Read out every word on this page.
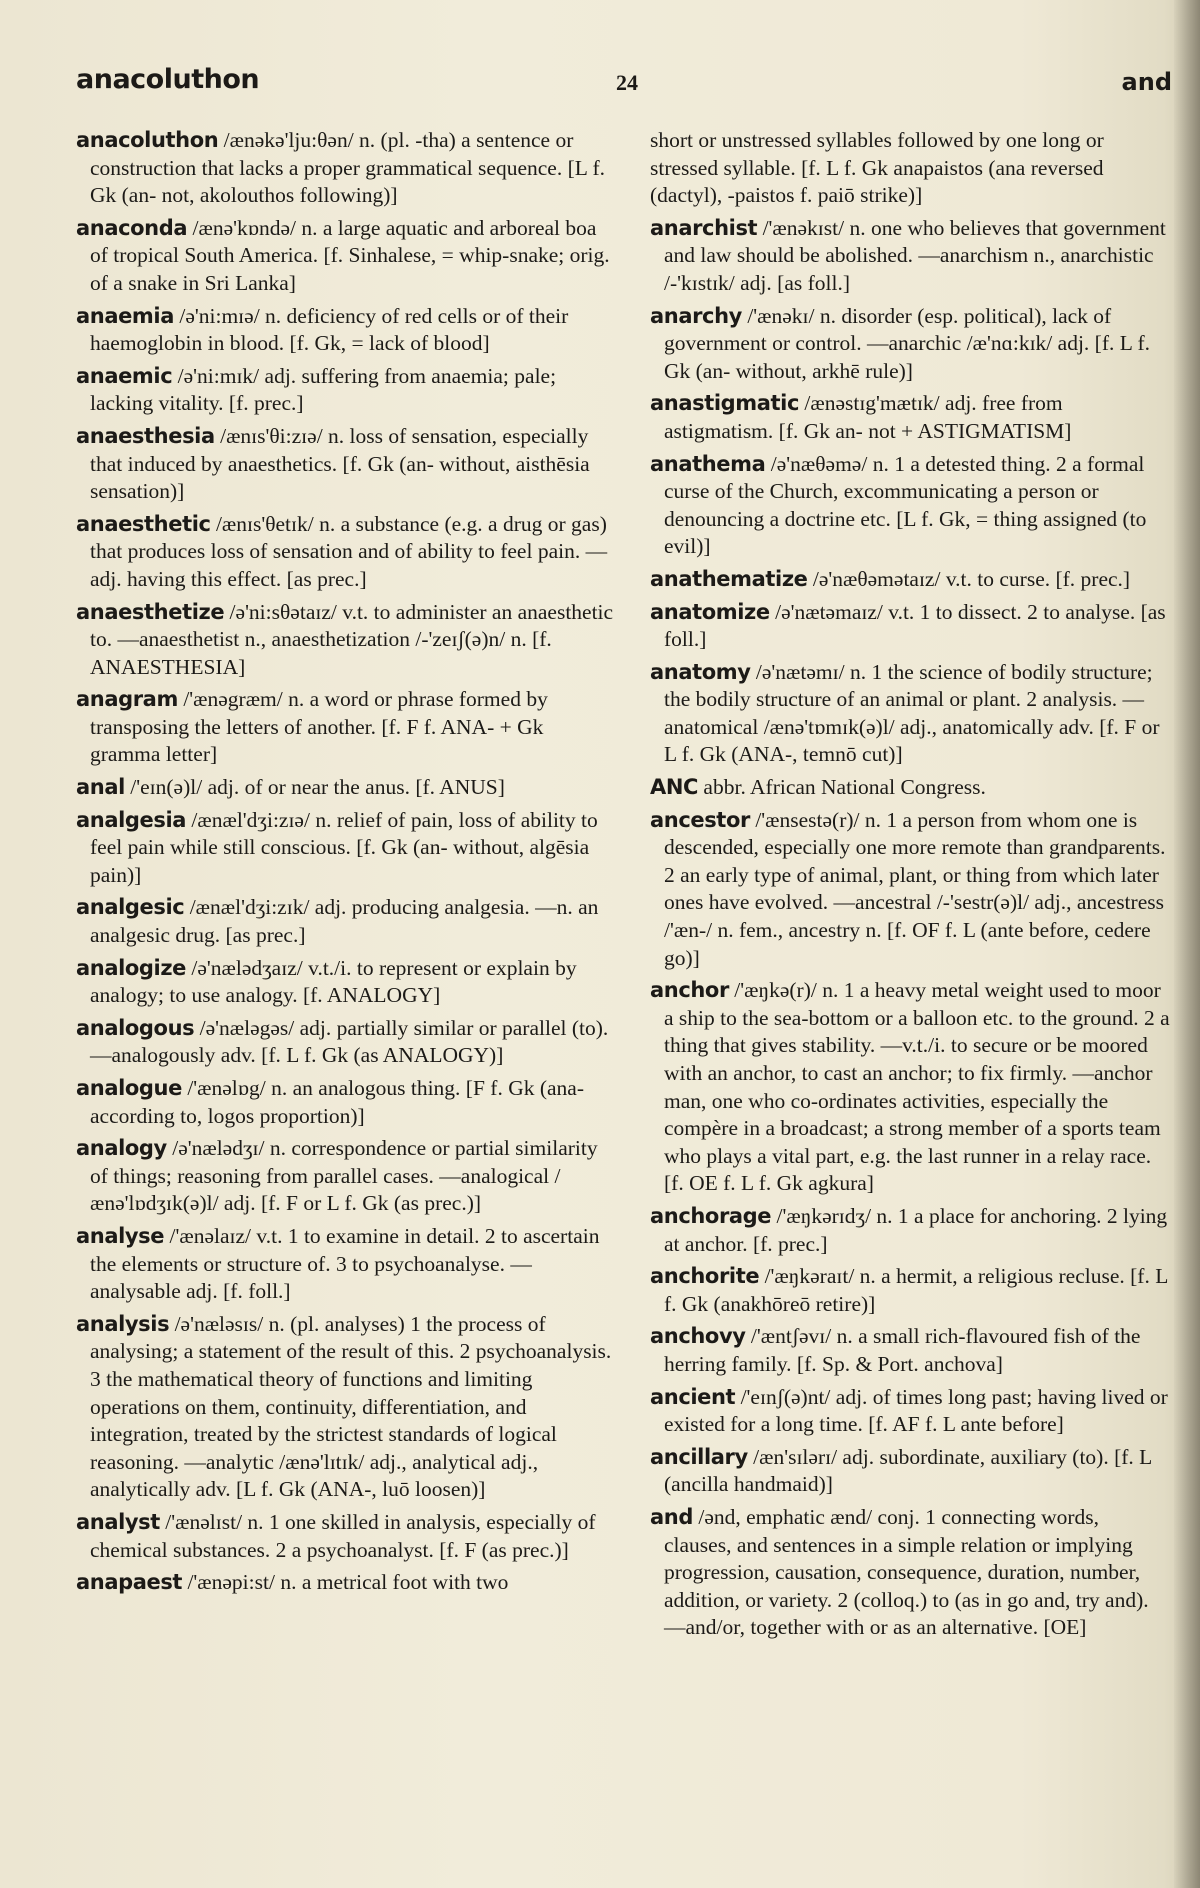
anacoluthon	24	and
anacoluthon /ænəkə'lju:θən/ n. (pl. -tha) a sentence or construction that lacks a proper grammatical sequence. [L f. Gk (an- not, akolouthos following)]
anaconda /ænə'kɒndə/ n. a large aquatic and arboreal boa of tropical South America. [f. Sinhalese, = whip-snake; orig. of a snake in Sri Lanka]
anaemia /ə'ni:mɪə/ n. deficiency of red cells or of their haemoglobin in blood. [f. Gk, = lack of blood]
anaemic /ə'ni:mɪk/ adj. suffering from anaemia; pale; lacking vitality. [f. prec.]
anaesthesia /ænɪs'θi:zɪə/ n. loss of sensation, especially that induced by anaesthetics. [f. Gk (an- without, aisthēsia sensation)]
anaesthetic /ænɪs'θetɪk/ n. a substance (e.g. a drug or gas) that produces loss of sensation and of ability to feel pain. —adj. having this effect. [as prec.]
anaesthetize /ə'ni:sθətaɪz/ v.t. to administer an anaesthetic to. —anaesthetist n., anaesthetization /-'zeɪʃ(ə)n/ n. [f. ANAESTHESIA]
anagram /'ænəgræm/ n. a word or phrase formed by transposing the letters of another. [f. F f. ANA- + Gk gramma letter]
anal /'eɪn(ə)l/ adj. of or near the anus. [f. ANUS]
analgesia /ænæl'dʒi:zɪə/ n. relief of pain, loss of ability to feel pain while still conscious. [f. Gk (an- without, algēsia pain)]
analgesic /ænæl'dʒi:zɪk/ adj. producing analgesia. —n. an analgesic drug. [as prec.]
analogize /ə'nælədʒaɪz/ v.t./i. to represent or explain by analogy; to use analogy. [f. ANALOGY]
analogous /ə'næləgəs/ adj. partially similar or parallel (to). —analogously adv. [f. L f. Gk (as ANALOGY)]
analogue /'ænəlɒg/ n. an analogous thing. [F f. Gk (ana- according to, logos proportion)]
analogy /ə'nælədʒɪ/ n. correspondence or partial similarity of things; reasoning from parallel cases. —analogical /ænə'lɒdʒɪk(ə)l/ adj. [f. F or L f. Gk (as prec.)]
analyse /'ænəlaɪz/ v.t. 1 to examine in detail. 2 to ascertain the elements or structure of. 3 to psychoanalyse. —analysable adj. [f. foll.]
analysis /ə'næləsɪs/ n. (pl. analyses) 1 the process of analysing; a statement of the result of this. 2 psychoanalysis. 3 the mathematical theory of functions and limiting operations on them, continuity, differentiation, and integration, treated by the strictest standards of logical reasoning. —analytic /ænə'lɪtɪk/ adj., analytical adj., analytically adv. [L f. Gk (ANA-, luō loosen)]
analyst /'ænəlɪst/ n. 1 one skilled in analysis, especially of chemical substances. 2 a psychoanalyst. [f. F (as prec.)]
anapaest /'ænəpi:st/ n. a metrical foot with two
short or unstressed syllables followed by one long or stressed syllable. [f. L f. Gk anapaistos (ana reversed (dactyl), -paistos f. paiō strike)]
anarchist /'ænəkɪst/ n. one who believes that government and law should be abolished. —anarchism n., anarchistic /-'kɪstɪk/ adj. [as foll.]
anarchy /'ænəkɪ/ n. disorder (esp. political), lack of government or control. —anarchic /æ'nɑ:kɪk/ adj. [f. L f. Gk (an- without, arkhē rule)]
anastigmatic /ænəstɪg'mætɪk/ adj. free from astigmatism. [f. Gk an- not + ASTIGMATISM]
anathema /ə'næθəmə/ n. 1 a detested thing. 2 a formal curse of the Church, excommunicating a person or denouncing a doctrine etc. [L f. Gk, = thing assigned (to evil)]
anathematize /ə'næθəmətaɪz/ v.t. to curse. [f. prec.]
anatomize /ə'nætəmaɪz/ v.t. 1 to dissect. 2 to analyse. [as foll.]
anatomy /ə'nætəmɪ/ n. 1 the science of bodily structure; the bodily structure of an animal or plant. 2 analysis. —anatomical /ænə'tɒmɪk(ə)l/ adj., anatomically adv. [f. F or L f. Gk (ANA-, temnō cut)]
ANC abbr. African National Congress.
ancestor /'ænsestə(r)/ n. 1 a person from whom one is descended, especially one more remote than grandparents. 2 an early type of animal, plant, or thing from which later ones have evolved. —ancestral /-'sestr(ə)l/ adj., ancestress /'æn-/ n. fem., ancestry n. [f. OF f. L (ante before, cedere go)]
anchor /'æŋkə(r)/ n. 1 a heavy metal weight used to moor a ship to the sea-bottom or a balloon etc. to the ground. 2 a thing that gives stability. —v.t./i. to secure or be moored with an anchor, to cast an anchor; to fix firmly. —anchor man, one who co-ordinates activities, especially the compère in a broadcast; a strong member of a sports team who plays a vital part, e.g. the last runner in a relay race. [f. OE f. L f. Gk agkura]
anchorage /'æŋkərɪdʒ/ n. 1 a place for anchoring. 2 lying at anchor. [f. prec.]
anchorite /'æŋkəraɪt/ n. a hermit, a religious recluse. [f. L f. Gk (anakhōreō retire)]
anchovy /'æntʃəvɪ/ n. a small rich-flavoured fish of the herring family. [f. Sp. & Port. anchova]
ancient /'eɪnʃ(ə)nt/ adj. of times long past; having lived or existed for a long time. [f. AF f. L ante before]
ancillary /æn'sɪlərɪ/ adj. subordinate, auxiliary (to). [f. L (ancilla handmaid)]
and /ənd, emphatic ænd/ conj. 1 connecting words, clauses, and sentences in a simple relation or implying progression, causation, consequence, duration, number, addition, or variety. 2 (colloq.) to (as in go and, try and). —and/or, together with or as an alternative. [OE]
